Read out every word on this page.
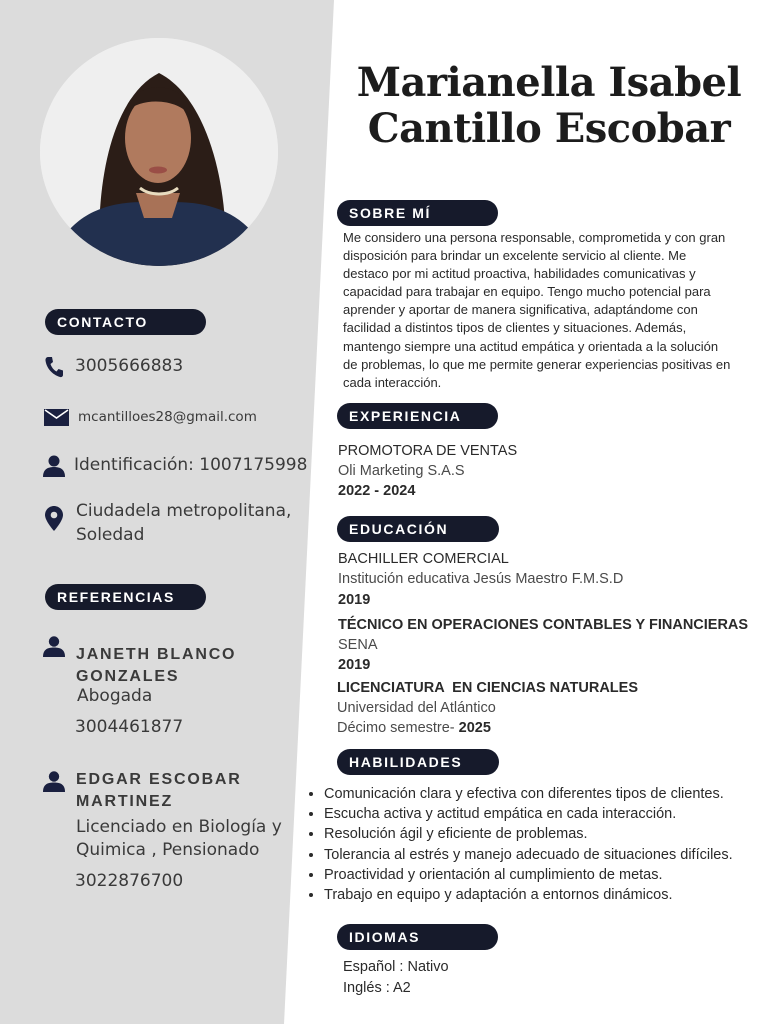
CONTACTO
3005666883
mcantilloes28@gmail.com
Identificación: 1007175998
Ciudadela metropolitana,
Soledad
REFERENCIAS
JANETH BLANCO
GONZALES
Abogada
3004461877
EDGAR ESCOBAR
MARTINEZ
Licenciado en Biología y
Quimica , Pensionado
3022876700
Marianella Isabel
Cantillo Escobar
SOBRE MÍ
Me considero una persona responsable, comprometida y con gran
disposición para brindar un excelente servicio al cliente. Me
destaco por mi actitud proactiva, habilidades comunicativas y
capacidad para trabajar en equipo. Tengo mucho potencial para
aprender y aportar de manera significativa, adaptándome con
facilidad a distintos tipos de clientes y situaciones. Además,
mantengo siempre una actitud empática y orientada a la solución
de problemas, lo que me permite generar experiencias positivas en
cada interacción.
EXPERIENCIA
PROMOTORA DE VENTAS
Oli Marketing S.A.S
2022 - 2024
EDUCACIÓN
BACHILLER COMERCIAL
Institución educativa Jesús Maestro F.M.S.D
2019
TÉCNICO EN OPERACIONES CONTABLES Y FINANCIERAS
SENA
2019
LICENCIATURA  EN CIENCIAS NATURALES
Universidad del Atlántico
Décimo semestre- 2025
HABILIDADES
• Comunicación clara y efectiva con diferentes tipos de clientes.
• Escucha activa y actitud empática en cada interacción.
• Resolución ágil y eficiente de problemas.
• Tolerancia al estrés y manejo adecuado de situaciones difíciles.
• Proactividad y orientación al cumplimiento de metas.
• Trabajo en equipo y adaptación a entornos dinámicos.
IDIOMAS
Español : Nativo
Inglés : A2
